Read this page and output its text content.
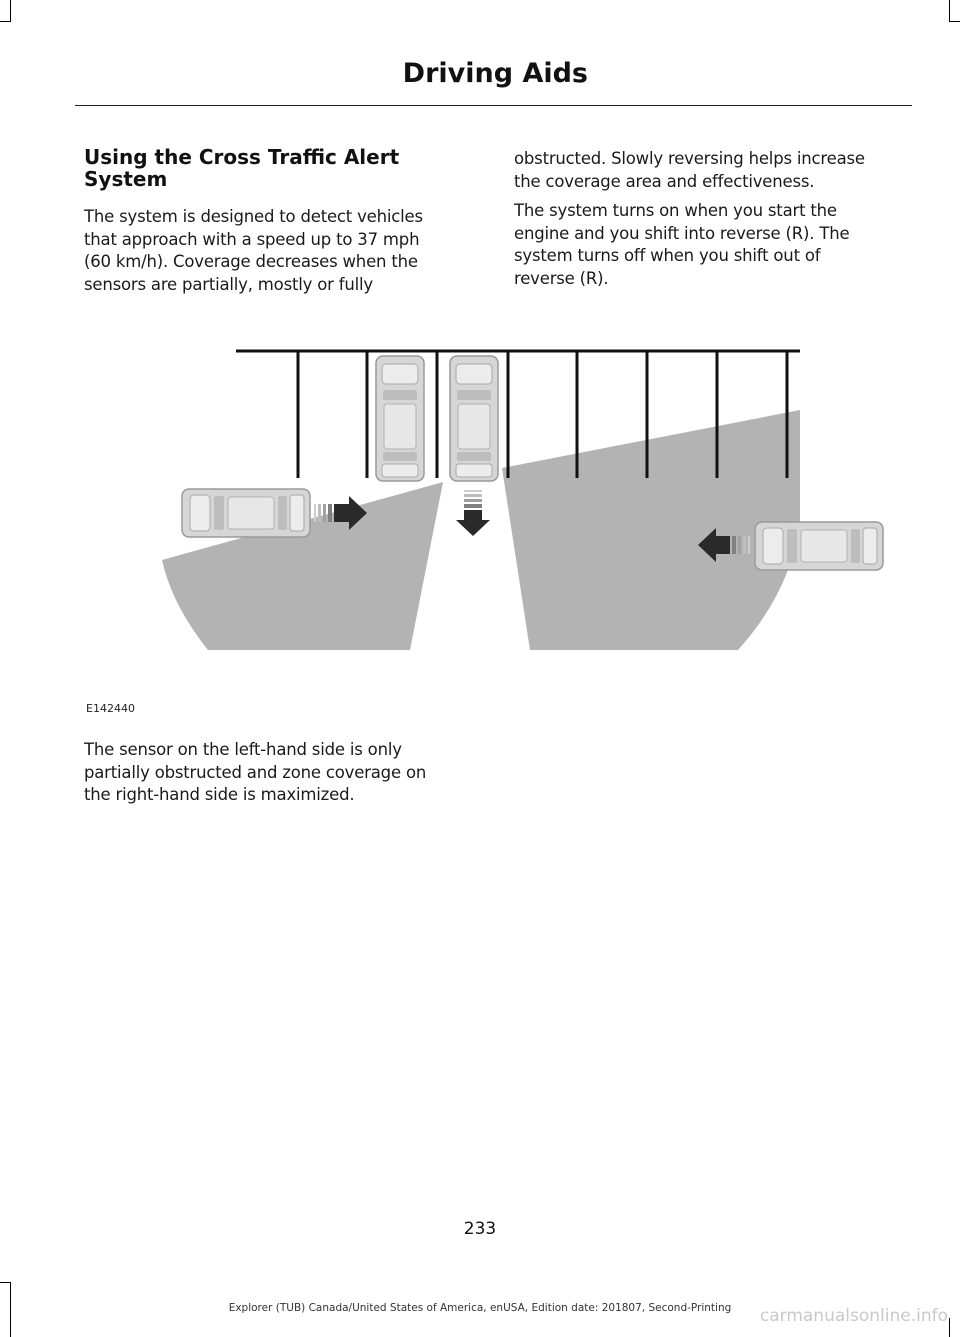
Driving Aids
Using the Cross Traffic Alert System

The system is designed to detect vehicles
that approach with a speed up to 37 mph
(60 km/h). Coverage decreases when the
sensors are partially, mostly or fully

obstructed. Slowly reversing helps increase
the coverage area and effectiveness.

The system turns on when you start the
engine and you shift into reverse (R). The
system turns off when you shift out of
reverse (R).

E142440

The sensor on the left-hand side is only
partially obstructed and zone coverage on
the right-hand side is maximized.

233
Explorer (TUB) Canada/United States of America, enUSA, Edition date: 201807, Second-Printing	carmanualsonline.info
